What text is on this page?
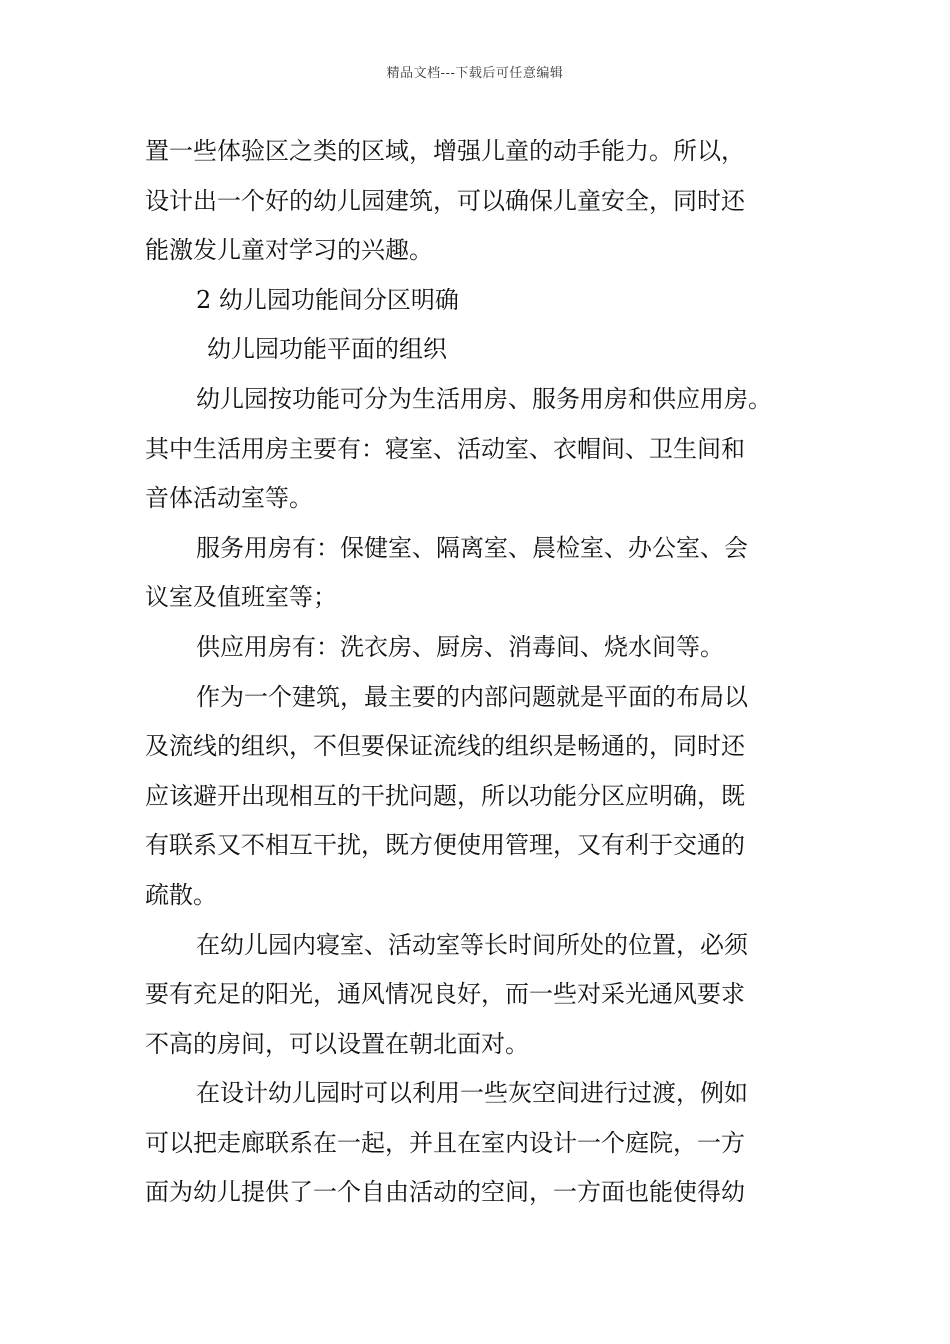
精品文档---下载后可任意编辑
置一些体验区之类的区域，增强儿童的动手能力。所以，
设计出一个好的幼儿园建筑，可以确保儿童安全，同时还
能激发儿童对学习的兴趣。
2 幼儿园功能间分区明确
幼儿园功能平面的组织
幼儿园按功能可分为生活用房、服务用房和供应用房。
其中生活用房主要有：寝室、活动室、衣帽间、卫生间和
音体活动室等。
服务用房有：保健室、隔离室、晨检室、办公室、会
议室及值班室等；
供应用房有：洗衣房、厨房、消毒间、烧水间等。
作为一个建筑，最主要的内部问题就是平面的布局以
及流线的组织，不但要保证流线的组织是畅通的，同时还
应该避开出现相互的干扰问题，所以功能分区应明确，既
有联系又不相互干扰，既方便使用管理，又有利于交通的
疏散。
在幼儿园内寝室、活动室等长时间所处的位置，必须
要有充足的阳光，通风情况良好，而一些对采光通风要求
不高的房间，可以设置在朝北面对。
在设计幼儿园时可以利用一些灰空间进行过渡，例如
可以把走廊联系在一起，并且在室内设计一个庭院，一方
面为幼儿提供了一个自由活动的空间，一方面也能使得幼
